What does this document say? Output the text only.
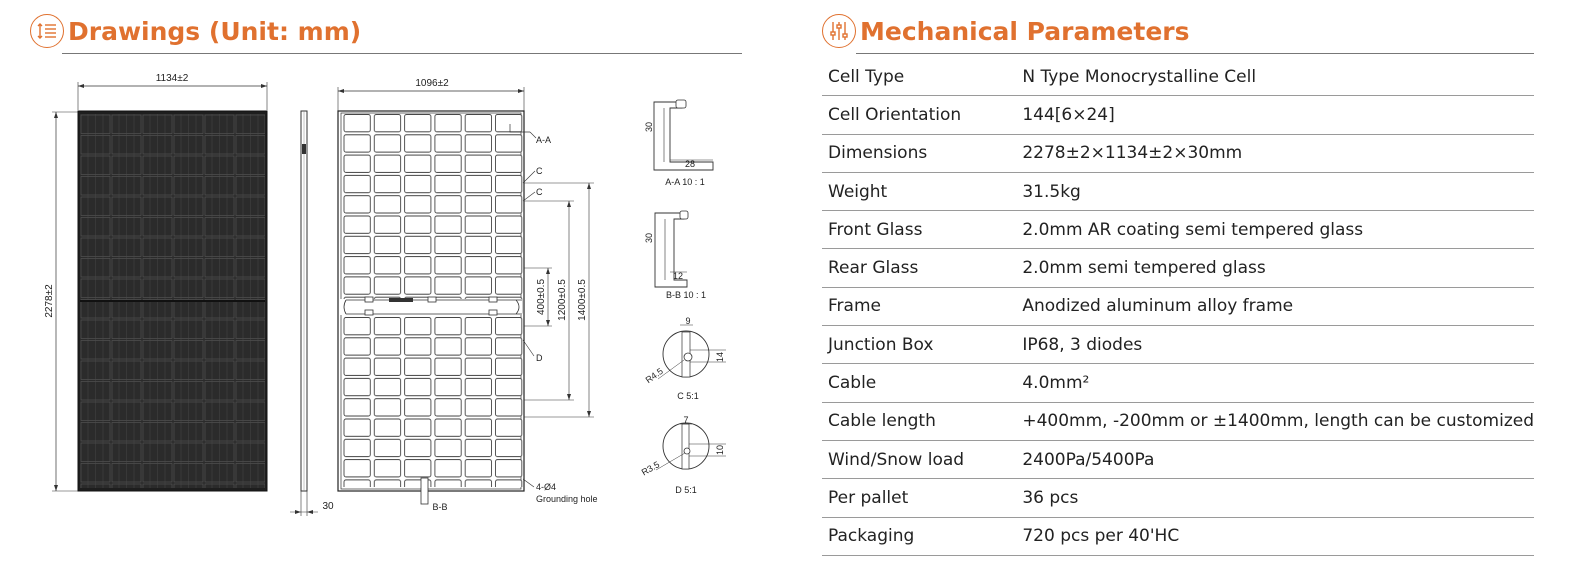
Drawings (Unit: mm)	Mechanical Parameters
1134±2
2278±2
30
1096±2
B-B
A-A
C
C
D
4-Ø4
Grounding hole
400±0.5 1200±0.5 1400±0.5
30
28
A-A 10 : 1
30
12
B-B 10 : 1
9
14
R4.5
C 5:1
7
10
R3.5
D 5:1
Cell Type	N Type Monocrystalline Cell
Cell Orientation	144[6×24]
Dimensions	2278±2×1134±2×30mm
Weight	31.5kg
Front Glass	2.0mm AR coating semi tempered glass
Rear Glass	2.0mm semi tempered glass
Frame	Anodized aluminum alloy frame
Junction Box	IP68, 3 diodes
Cable	4.0mm²
Cable length	+400mm, -200mm or ±1400mm, length can be customized
Wind/Snow load	2400Pa/5400Pa
Per pallet	36 pcs
Packaging	720 pcs per 40'HC
